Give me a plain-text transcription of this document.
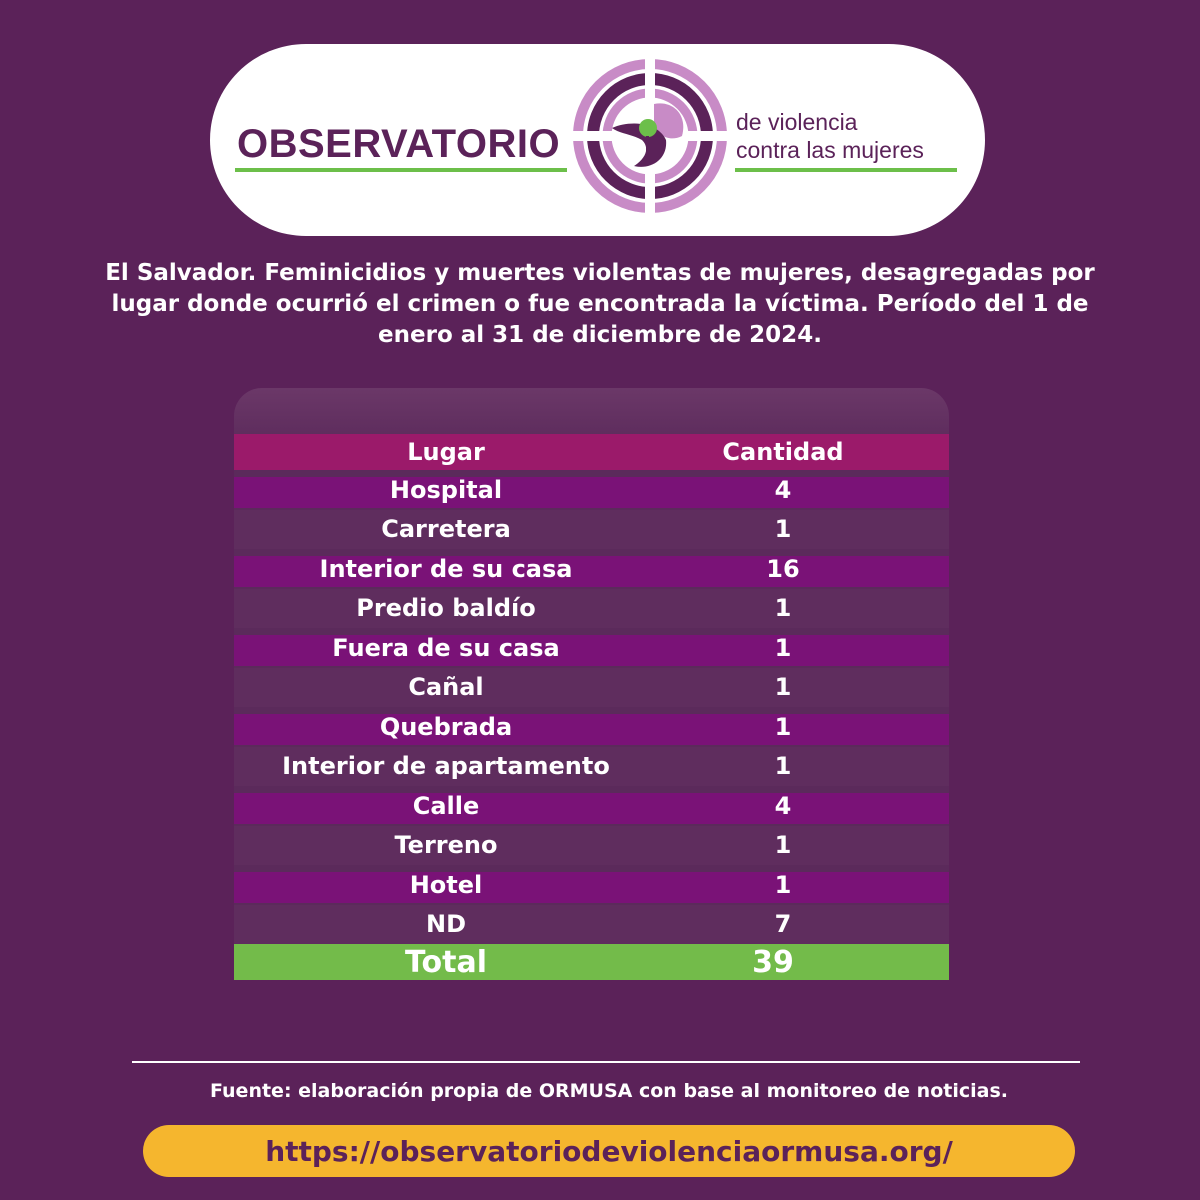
OBSERVATORIO	de violencia
contra las mujeres
El Salvador. Feminicidios y muertes violentas de mujeres, desagregadas por lugar donde ocurrió el crimen o fue encontrada la víctima. Período del 1 de enero al 31 de diciembre de 2024.
Lugar	Cantidad
Hospital	4
Carretera	1
Interior de su casa	16
Predio baldío	1
Fuera de su casa	1
Cañal	1
Quebrada	1
Interior de apartamento	1
Calle	4
Terreno	1
Hotel	1
ND	7
Total	39
Fuente: elaboración propia de ORMUSA con base al monitoreo de noticias.
https://observatoriodeviolenciaormusa.org/
